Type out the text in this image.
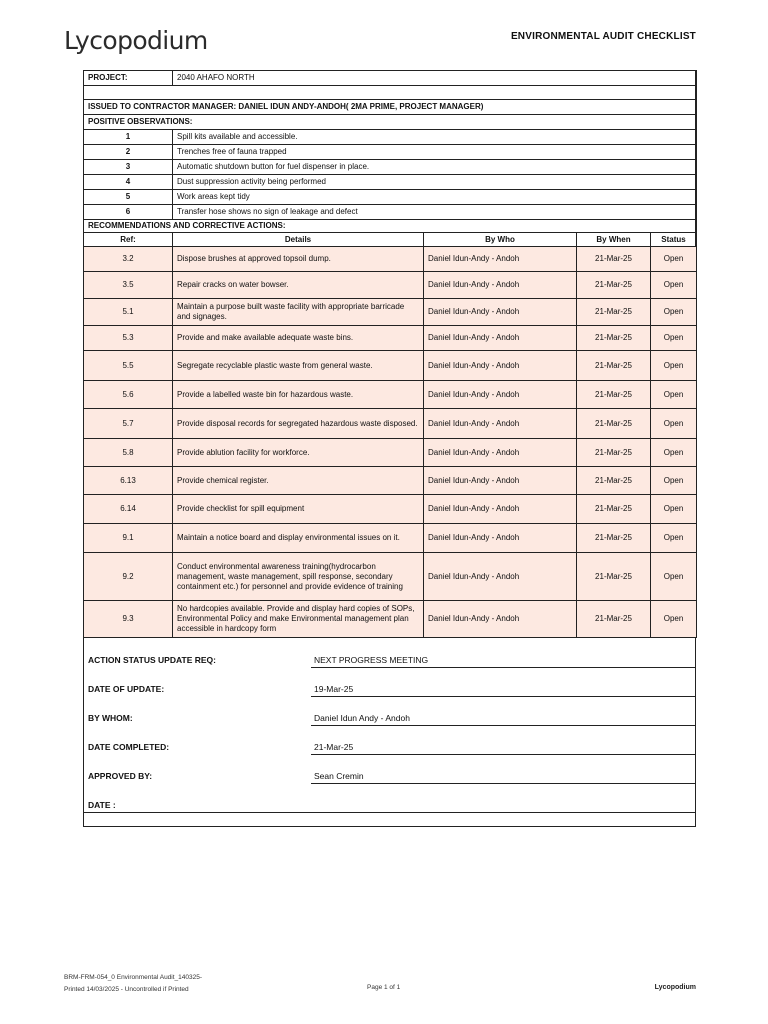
Lycopodium	ENVIRONMENTAL AUDIT CHECKLIST
PROJECT:	2040 AHAFO NORTH			

ISSUED TO CONTRACTOR MANAGER: DANIEL IDUN ANDY-ANDOH( 2MA PRIME, PROJECT MANAGER)				
POSITIVE OBSERVATIONS:				
1	Spill kits available and accessible.			
2	Trenches free of fauna trapped			
3	Automatic shutdown button for fuel dispenser in place.			
4	Dust suppression activity being performed			
5	Work areas kept tidy			
6	Transfer hose shows no sign of leakage and defect			
RECOMMENDATIONS AND CORRECTIVE ACTIONS:				
Ref:	Details	By Who	By When	Status
3.2	Dispose brushes at approved topsoil dump.	Daniel Idun-Andy - Andoh	21-Mar-25	Open
3.5	Repair cracks on water bowser.	Daniel Idun-Andy - Andoh	21-Mar-25	Open
5.1	Maintain a purpose built waste facility with appropriate barricade and signages.	Daniel Idun-Andy - Andoh	21-Mar-25	Open
5.3	Provide and make available adequate waste bins.	Daniel Idun-Andy - Andoh	21-Mar-25	Open
5.5	Segregate recyclable plastic waste from general waste.	Daniel Idun-Andy - Andoh	21-Mar-25	Open
5.6	Provide a labelled waste bin for hazardous waste.	Daniel Idun-Andy - Andoh	21-Mar-25	Open
5.7	Provide disposal records for segregated hazardous waste disposed.	Daniel Idun-Andy - Andoh	21-Mar-25	Open
5.8	Provide ablution facility for workforce.	Daniel Idun-Andy - Andoh	21-Mar-25	Open
6.13	Provide chemical register.	Daniel Idun-Andy - Andoh	21-Mar-25	Open
6.14	Provide checklist for spill equipment	Daniel Idun-Andy - Andoh	21-Mar-25	Open
9.1	Maintain a notice board and display environmental issues on it.	Daniel Idun-Andy - Andoh	21-Mar-25	Open
9.2	Conduct environmental awareness training(hydrocarbon management, waste management, spill response, secondary containment etc.) for personnel and provide evidence of training	Daniel Idun-Andy - Andoh	21-Mar-25	Open
9.3	No hardcopies available. Provide and display hard copies of SOPs, Environmental Policy and make Environmental management plan accessible in hardcopy form	Daniel Idun-Andy - Andoh	21-Mar-25	Open
ACTION STATUS UPDATE REQ:	NEXT PROGRESS MEETING
DATE OF UPDATE:	19-Mar-25
BY WHOM:	Daniel Idun Andy - Andoh
DATE COMPLETED:	21-Mar-25
APPROVED BY:	Sean Cremin
DATE :
BRM-FRM-054_0 Environmental Audit_140325-
Printed 14/03/2025 - Uncontrolled if Printed	Page 1 of 1	Lycopodium
